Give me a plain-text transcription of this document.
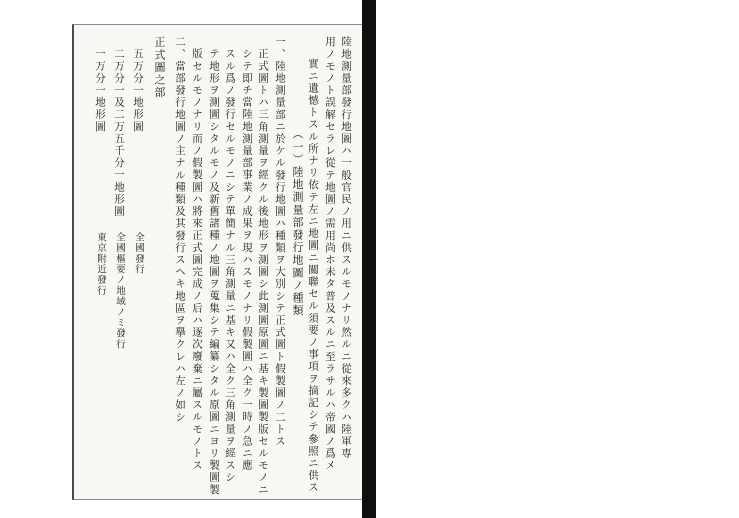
陸地測量部發行地圖ハ一般官民ノ用ニ供スルモノナリ然ルニ從來多クハ陸軍専
用ノモノト誤解セラレ從テ地圖ノ需用尚ホ未タ普及スルニ至ラサルハ帝國ノ爲メ
實ニ遺憾トスル所ナリ依テ左ニ地圖ニ關聯セル須要ノ事項ヲ摘記シテ參照ニ供ス
（一）陸地測量部發行地圖ノ種類
一、陸地測量部ニ於ケル發行地圖ハ種類ヲ大別シテ正式圖ト假製圖ノ二トス
正式圖トハ三角測量ヲ經クル後地形ヲ測圖シ此測圖原圖ニ基キ製圖製版セルモノニ
シテ即チ當陸地測量部事業ノ成果ヲ現ハスモノナリ假製圖ハ全ク一時ノ急ニ應
スル爲ノ發行セルモノニシテ單簡ナル三角測量ニ基キ又ハ全ク三角測量ヲ經スシ
テ地形ヲ測圖シタルモノ及新舊諸種ノ地圖ヲ蒐集シテ編纂シタル原圖ニヨリ製圖製
版セルモノナリ而ノ假製圖ハ將來正式圖完成ノ后ハ逐次廢棄ニ屬スルモノトス
二、當部發行地圖ノ主ナル種類及其發行スヘキ地區ヲ擧クレハ左ノ如シ
正式圖之部
五万分一地形圖
二万分一及二万五千分一地形圖
一万分一地形圖
全國發行
全國樞要ノ地域ノミ發行
東京附近發行
